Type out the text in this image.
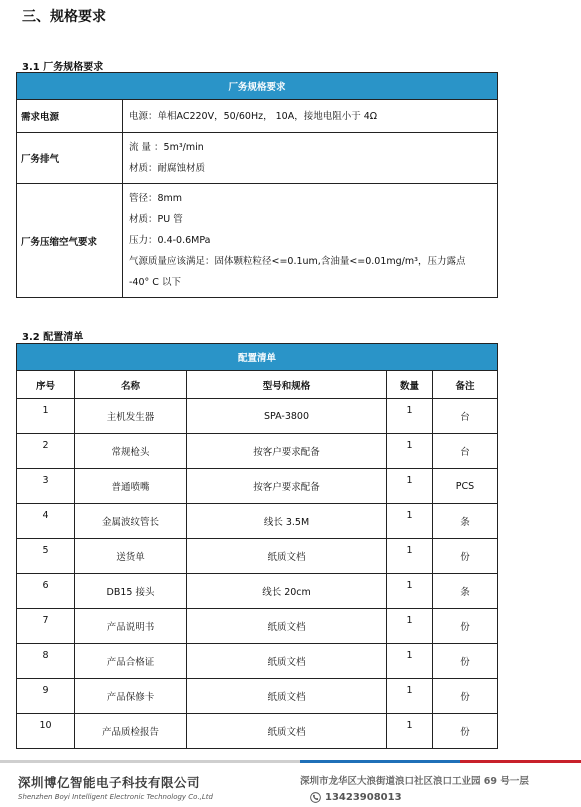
三、规格要求
3.1 厂务规格要求
厂务规格要求	
需求电源	电源：单相AC220V，50/60Hz， 10A，接地电阻小于 4Ω

厂务排气	流 量 ：5m³/min
材质：耐腐蚀材质

厂务压缩空气要求	管径：8mm
材质：PU 管
压力：0.4-0.6MPa
气源质量应该满足：固体颗粒粒径<=0.1um,含油量<=0.01mg/m³，压力露点
-40° C 以下
3.2 配置清单
配置清单				
序号	名称	型号和规格	数量	备注
1	主机发生器	SPA-3800	1	台
2	常规枪头	按客户要求配备	1	台
3	普通喷嘴	按客户要求配备	1	PCS
4	金属波纹管长	线长 3.5M	1	条
5	送货单	纸质文档	1	份
6	DB15 接头	线长 20cm	1	条
7	产品说明书	纸质文档	1	份
8	产品合格证	纸质文档	1	份
9	产品保修卡	纸质文档	1	份
10	产品质检报告	纸质文档	1	份
深圳博亿智能电子科技有限公司
Shenzhen Boyi Intelligent Electronic Technology Co.,Ltd
深圳市龙华区大浪街道浪口社区浪口工业园 69 号一层
13423908013
